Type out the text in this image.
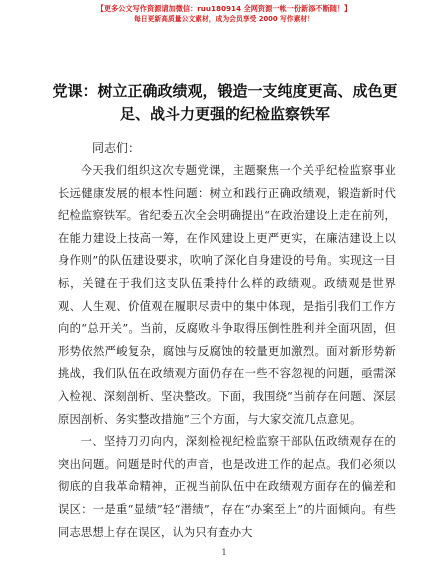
【更多公文写作资源请加微信：ruu180914 全网资源一帐一份新添不断随！】
每日更新高质量公文素材，成为会员享受 2000 写作素材！
党课：树立正确政绩观，锻造一支纯度更高、成色更足、战斗力更强的纪检监察铁军
同志们：

今天我们组织这次专题党课，主题聚焦一个关乎纪检监察事业长远健康发展的根本性问题：树立和践行正确政绩观，锻造新时代纪检监察铁军。省纪委五次全会明确提出“在政治建设上走在前列，在能力建设上技高一筹，在作风建设上更严更实，在廉洁建设上以身作则”的队伍建设要求，吹响了深化自身建设的号角。实现这一目标，关键在于我们这支队伍秉持什么样的政绩观。政绩观是世界观、人生观、价值观在履职尽责中的集中体现，是指引我们工作方向的“总开关”。当前，反腐败斗争取得压倒性胜利并全面巩固，但形势依然严峻复杂，腐蚀与反腐蚀的较量更加激烈。面对新形势新挑战，我们队伍在政绩观方面仍存在一些不容忽视的问题，亟需深入检视、深刻剖析、坚决整改。下面，我围绕“当前存在问题、深层原因剖析、务实整改措施”三个方面，与大家交流几点意见。

一、坚持刀刃向内，深刻检视纪检监察干部队伍政绩观存在的突出问题。问题是时代的声音，也是改进工作的起点。我们必须以彻底的自我革命精神，正视当前队伍中在政绩观方面存在的偏差和误区：一是重“显绩”轻“潜绩”，存在“办案至上”的片面倾向。有些同志思想上存在误区，认为只有查办大

1
